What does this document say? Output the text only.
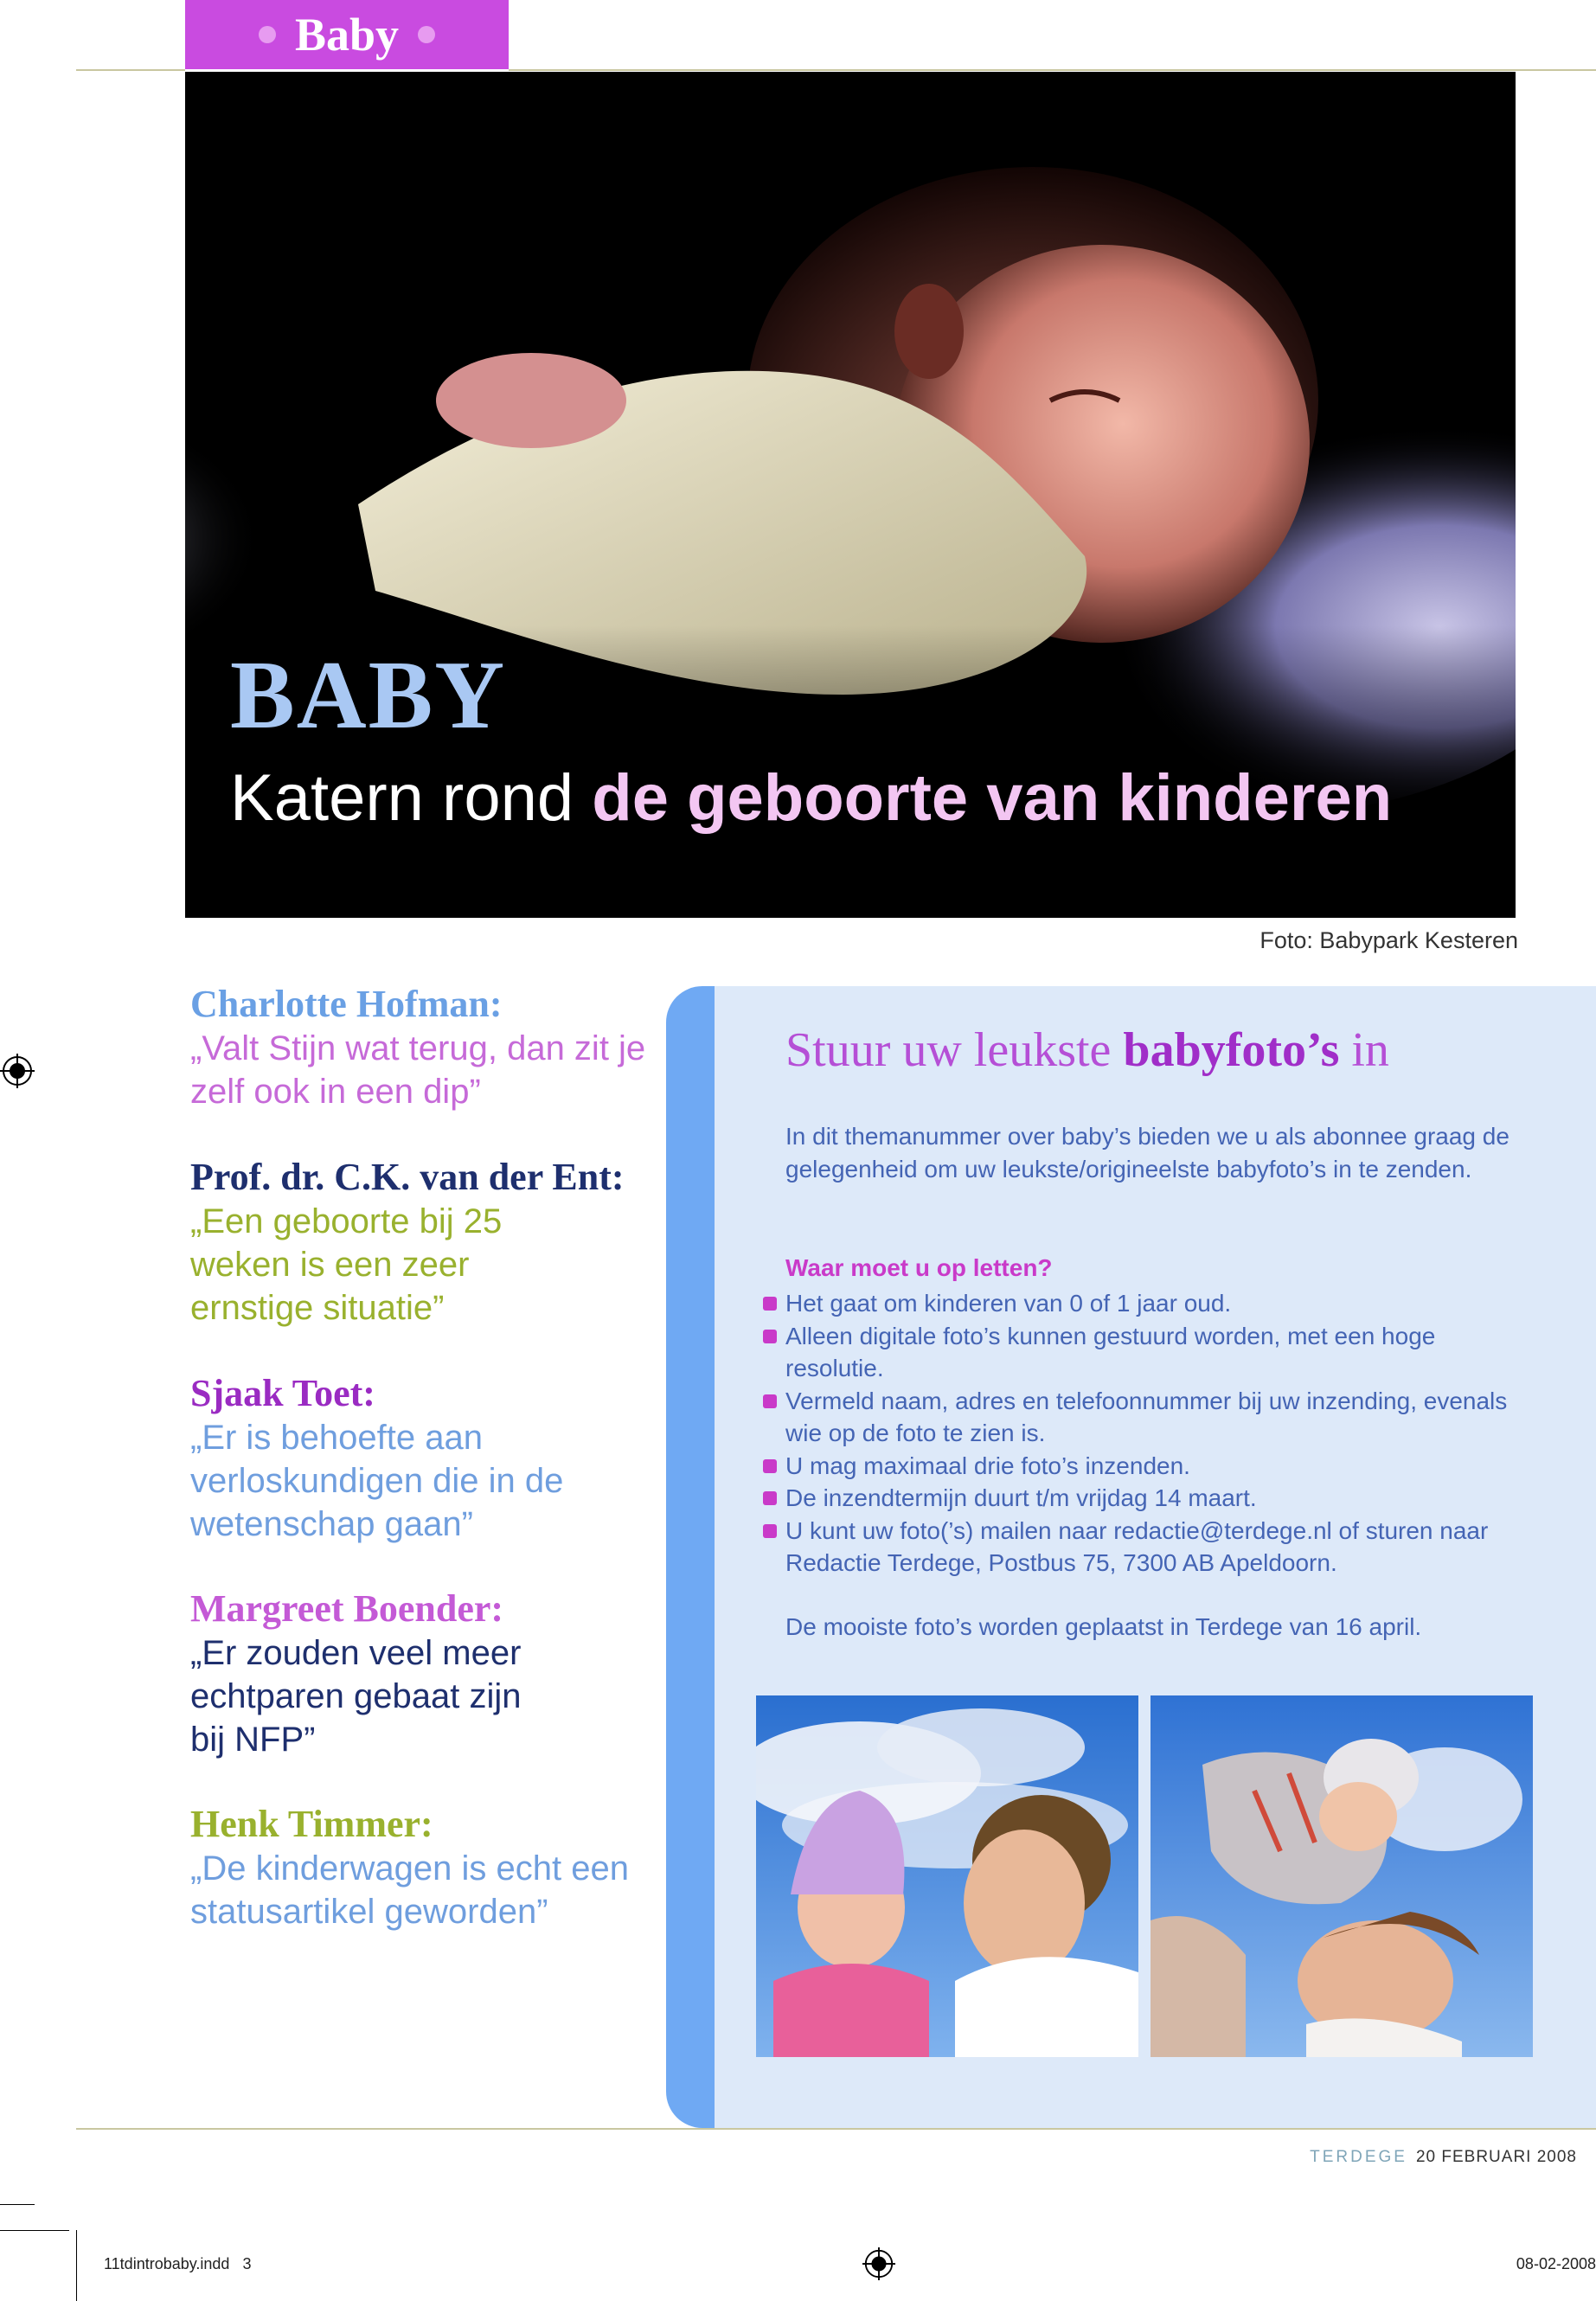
Baby
BABY
Katern rond de geboorte van kinderen
Foto: Babypark Kesteren
Charlotte Hofman:
„Valt Stijn wat terug, dan zit je zelf ook in een dip”
Prof. dr. C.K. van der Ent:
„Een geboorte bij 25 weken is een zeer ernstige situatie”
Sjaak Toet:
„Er is behoefte aan verloskundigen die in de wetenschap gaan”
Margreet Boender:
„Er zouden veel meer echtparen gebaat zijn bij NFP”
Henk Timmer:
„De kinderwagen is echt een statusartikel geworden”
Stuur uw leukste babyfoto’s in
In dit themanummer over baby’s bieden we u als abonnee graag de gelegenheid om uw leukste/origineelste babyfoto’s in te zenden.
Waar moet u op letten?
Het gaat om kinderen van 0 of 1 jaar oud.
Alleen digitale foto’s kunnen gestuurd worden, met een hoge resolutie.
Vermeld naam, adres en telefoonnummer bij uw inzending, evenals wie op de foto te zien is.
U mag maximaal drie foto’s inzenden.
De inzendtermijn duurt t/m vrijdag 14 maart.
U kunt uw foto(’s) mailen naar redactie@terdege.nl of sturen naar Redactie Terdege, Postbus 75, 7300 AB Apeldoorn.
De mooiste foto’s worden geplaatst in Terdege van 16 april.
TERDEGE 20 FEBRUARI 2008
11tdintrobaby.indd   3	08-02-2008
